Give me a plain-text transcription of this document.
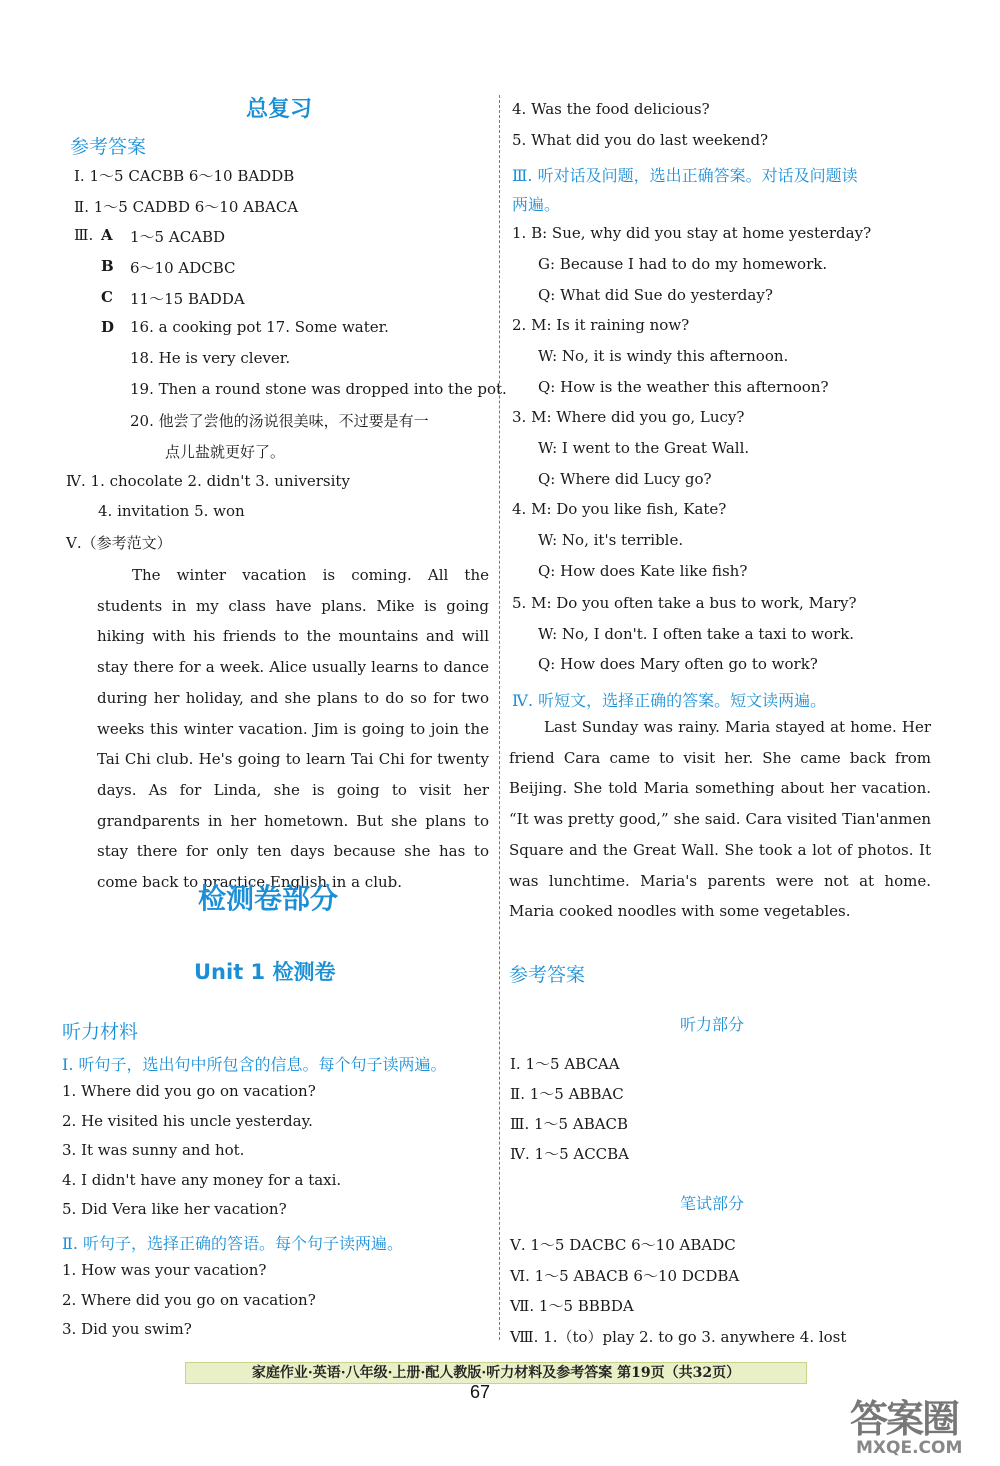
总复习
参考答案
Ⅰ. 1～5 CACBB 6～10 BADDB
Ⅱ. 1～5 CADBD 6～10 ABACA
Ⅲ. A 1～5 ACABD
B 6～10 ADCBC
C 11～15 BADDA
D 16. a cooking pot 17. Some water.
18. He is very clever.
19. Then a round stone was dropped into the pot.
20. 他尝了尝他的汤说很美味，不过要是有一
点儿盐就更好了。
Ⅳ. 1. chocolate 2. didn't 3. university
4. invitation 5. won
Ⅴ.（参考范文）
The winter vacation is coming. All the students in my class have plans. Mike is going hiking with his friends to the mountains and will stay there for a week. Alice usually learns to dance during her holiday, and she plans to do so for two weeks this winter vacation. Jim is going to join the Tai Chi club. He's going to learn Tai Chi for twenty days. As for Linda, she is going to visit her grandparents in her hometown. But she plans to stay there for only ten days because she has to come back to practice English in a club.
检测卷部分
Unit 1 检测卷
听力材料
Ⅰ. 听句子，选出句中所包含的信息。每个句子读两遍。
1. Where did you go on vacation?
2. He visited his uncle yesterday.
3. It was sunny and hot.
4. I didn't have any money for a taxi.
5. Did Vera like her vacation?
Ⅱ. 听句子，选择正确的答语。每个句子读两遍。
1. How was your vacation?
2. Where did you go on vacation?
3. Did you swim?
4. Was the food delicious?
5. What did you do last weekend?
Ⅲ. 听对话及问题，选出正确答案。对话及问题读
两遍。
1. B: Sue, why did you stay at home yesterday?
G: Because I had to do my homework.
Q: What did Sue do yesterday?
2. M: Is it raining now?
W: No, it is windy this afternoon.
Q: How is the weather this afternoon?
3. M: Where did you go, Lucy?
W: I went to the Great Wall.
Q: Where did Lucy go?
4. M: Do you like fish, Kate?
W: No, it's terrible.
Q: How does Kate like fish?
5. M: Do you often take a bus to work, Mary?
W: No, I don't. I often take a taxi to work.
Q: How does Mary often go to work?
Ⅳ. 听短文，选择正确的答案。短文读两遍。
Last Sunday was rainy. Maria stayed at home. Her friend Cara came to visit her. She came back from Beijing. She told Maria something about her vacation. “It was pretty good,” she said. Cara visited Tian'anmen Square and the Great Wall. She took a lot of photos. It was lunchtime. Maria's parents were not at home. Maria cooked noodles with some vegetables.
参考答案
听力部分
Ⅰ. 1～5 ABCAA
Ⅱ. 1～5 ABBAC
Ⅲ. 1～5 ABACB
Ⅳ. 1～5 ACCBA
笔试部分
Ⅴ. 1～5 DACBC 6～10 ABADC
Ⅵ. 1～5 ABACB 6～10 DCDBA
Ⅶ. 1～5 BBBDA
Ⅷ. 1.（to）play 2. to go 3. anywhere 4. lost
家庭作业·英语·八年级·上册·配人教版·听力材料及参考答案 第19页（共32页）
67
答案圈
MXQE.COM
